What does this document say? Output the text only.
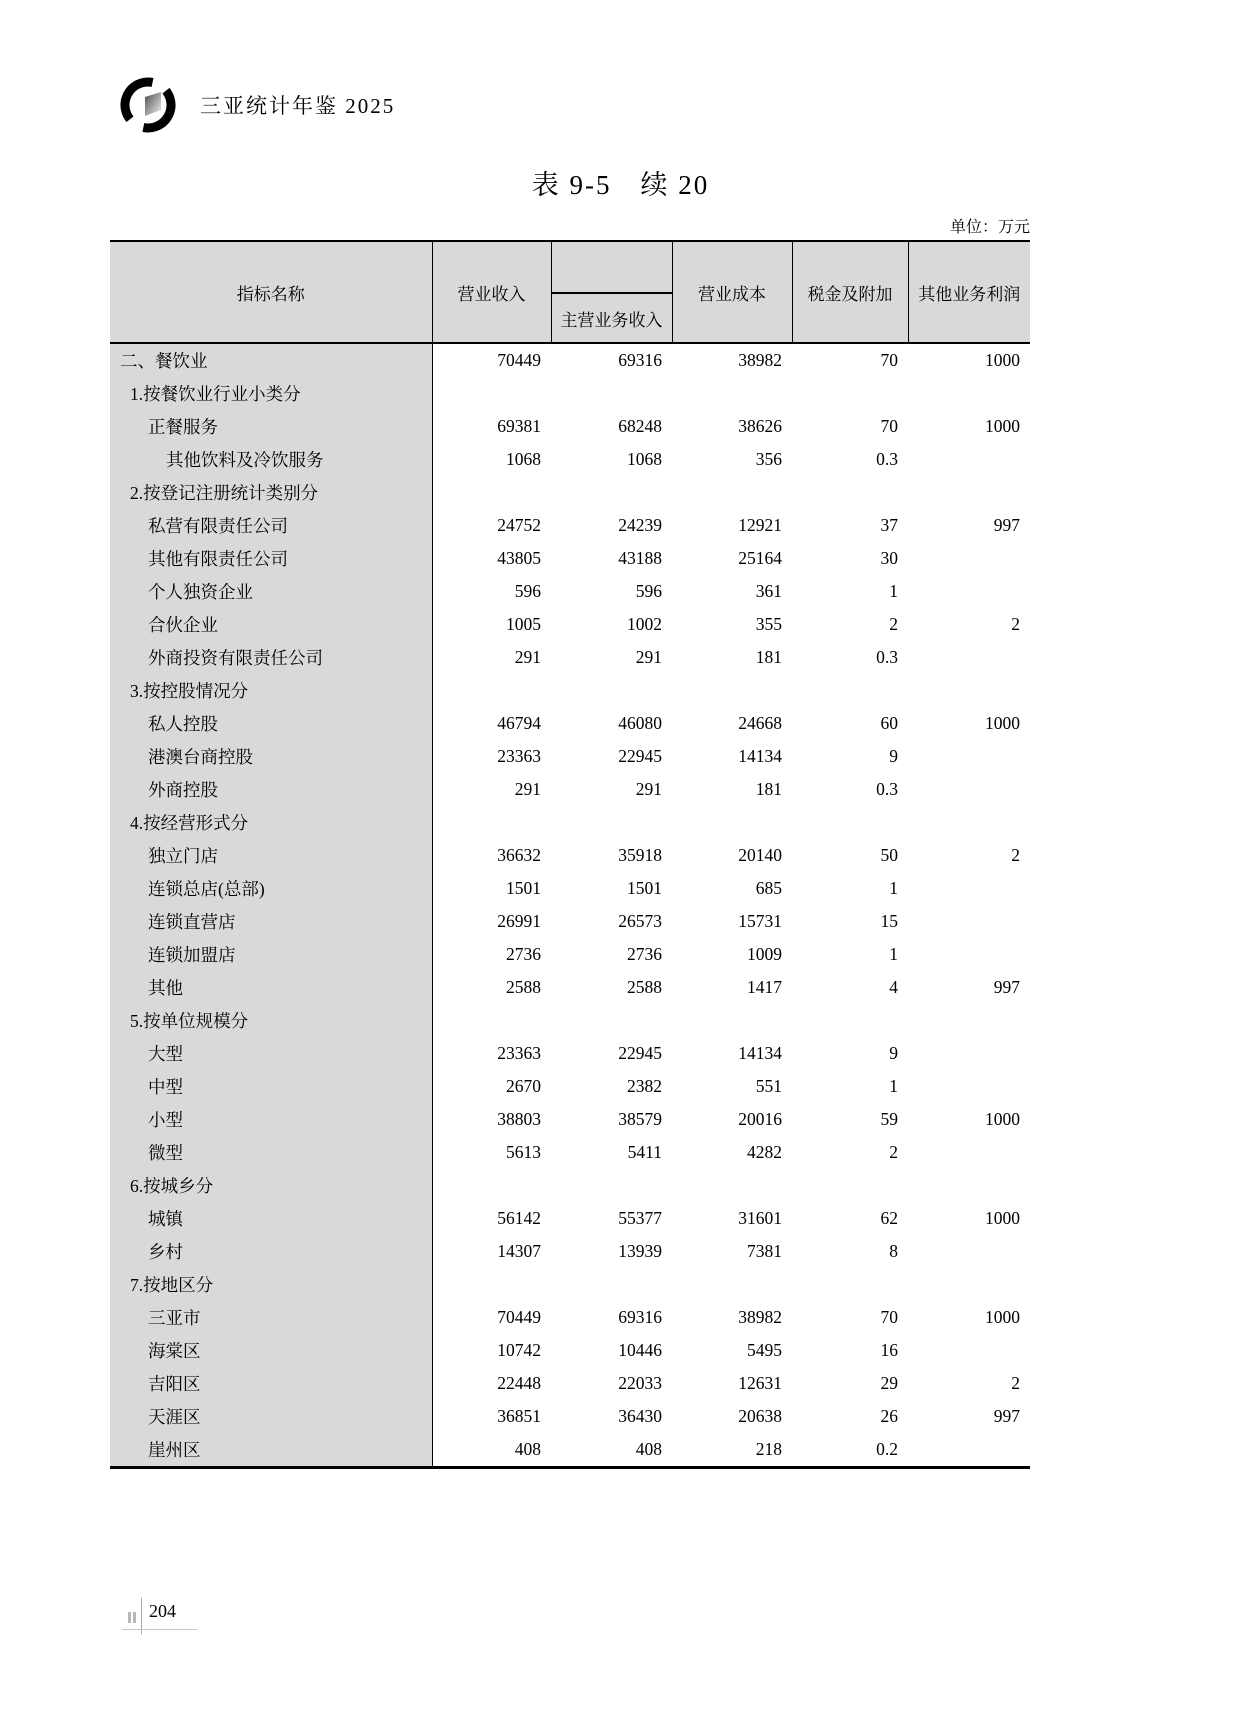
三亚统计年鉴 2025
表 9-5　续 20
单位：万元
指标名称	营业收入		营业成本	税金及附加	其他业务利润
		主营业务收入			
二、餐饮业	70449	69316	38982	70	1000
1.按餐饮业行业小类分					
正餐服务	69381	68248	38626	70	1000
其他饮料及冷饮服务	1068	1068	356	0.3	
2.按登记注册统计类别分					
私营有限责任公司	24752	24239	12921	37	997
其他有限责任公司	43805	43188	25164	30	
个人独资企业	596	596	361	1	
合伙企业	1005	1002	355	2	2
外商投资有限责任公司	291	291	181	0.3	
3.按控股情况分					
私人控股	46794	46080	24668	60	1000
港澳台商控股	23363	22945	14134	9	
外商控股	291	291	181	0.3	
4.按经营形式分					
独立门店	36632	35918	20140	50	2
连锁总店(总部)	1501	1501	685	1	
连锁直营店	26991	26573	15731	15	
连锁加盟店	2736	2736	1009	1	
其他	2588	2588	1417	4	997
5.按单位规模分					
大型	23363	22945	14134	9	
中型	2670	2382	551	1	
小型	38803	38579	20016	59	1000
微型	5613	5411	4282	2	
6.按城乡分					
城镇	56142	55377	31601	62	1000
乡村	14307	13939	7381	8	
7.按地区分					
三亚市	70449	69316	38982	70	1000
海棠区	10742	10446	5495	16	
吉阳区	22448	22033	12631	29	2
天涯区	36851	36430	20638	26	997
崖州区	408	408	218	0.2	
204
